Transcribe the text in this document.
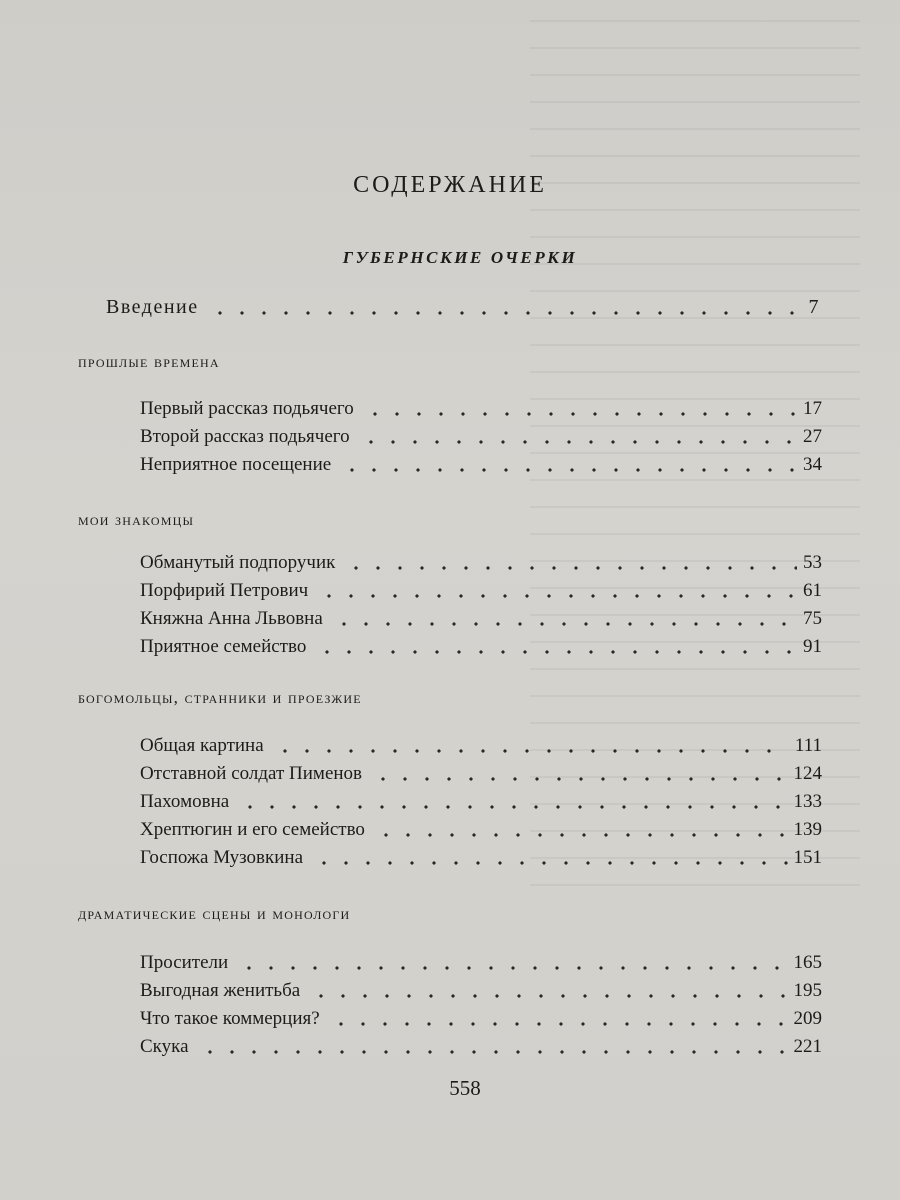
СОДЕРЖАНИЕ
ГУБЕРНСКИЕ ОЧЕРКИ
Введение	7
прошлые времена
Первый рассказ подьячего	17
Второй рассказ подьячего	27
Неприятное посещение	34
мои знакомцы
Обманутый подпоручик	53
Порфирий Петрович	61
Княжна Анна Львовна	75
Приятное семейство	91
богомольцы, странники и проезжие
Общая картина	111
Отставной солдат Пименов	124
Пахомовна	133
Хрептюгин и его семейство	139
Госпожа Музовкина	151
драматические сцены и монологи
Просители	165
Выгодная женитьба	195
Что такое коммерция?	209
Скука	221
558
